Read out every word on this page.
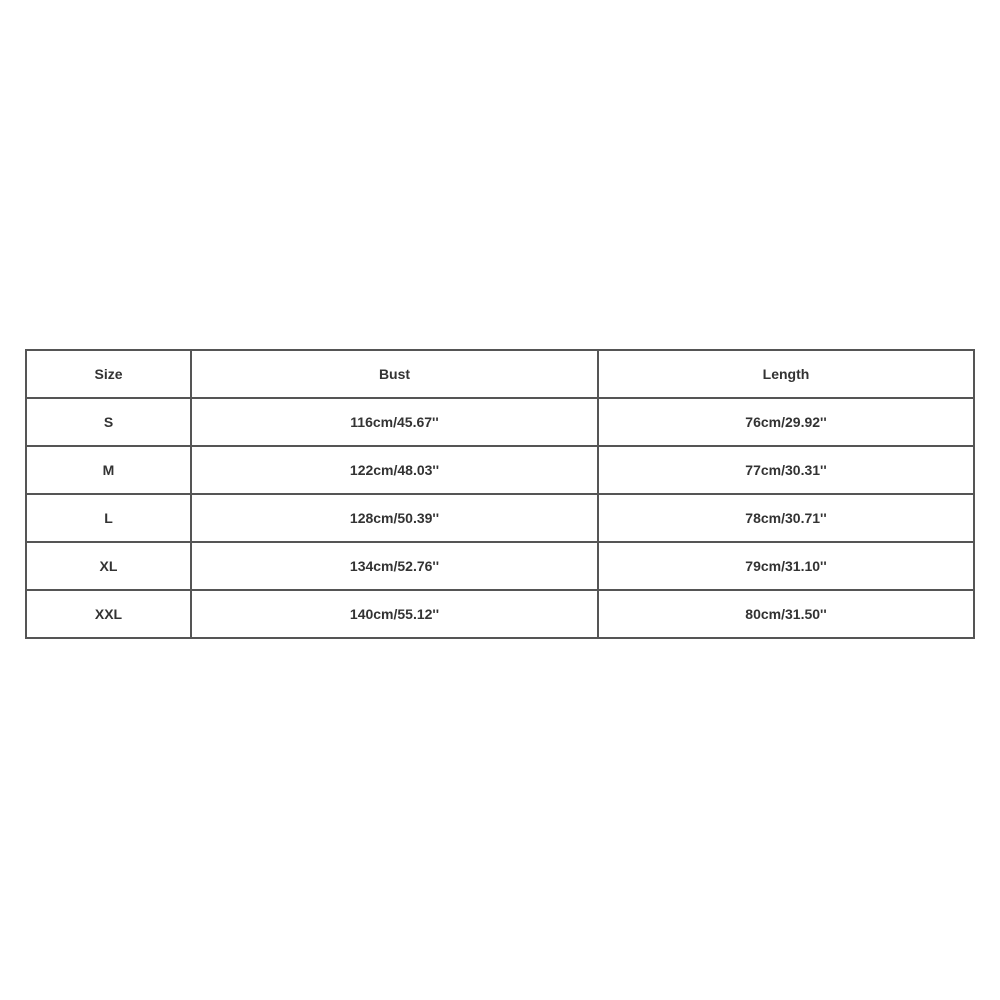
Size	Bust	Length
S	116cm/45.67''	76cm/29.92''
M	122cm/48.03''	77cm/30.31''
L	128cm/50.39''	78cm/30.71''
XL	134cm/52.76''	79cm/31.10''
XXL	140cm/55.12''	80cm/31.50''
